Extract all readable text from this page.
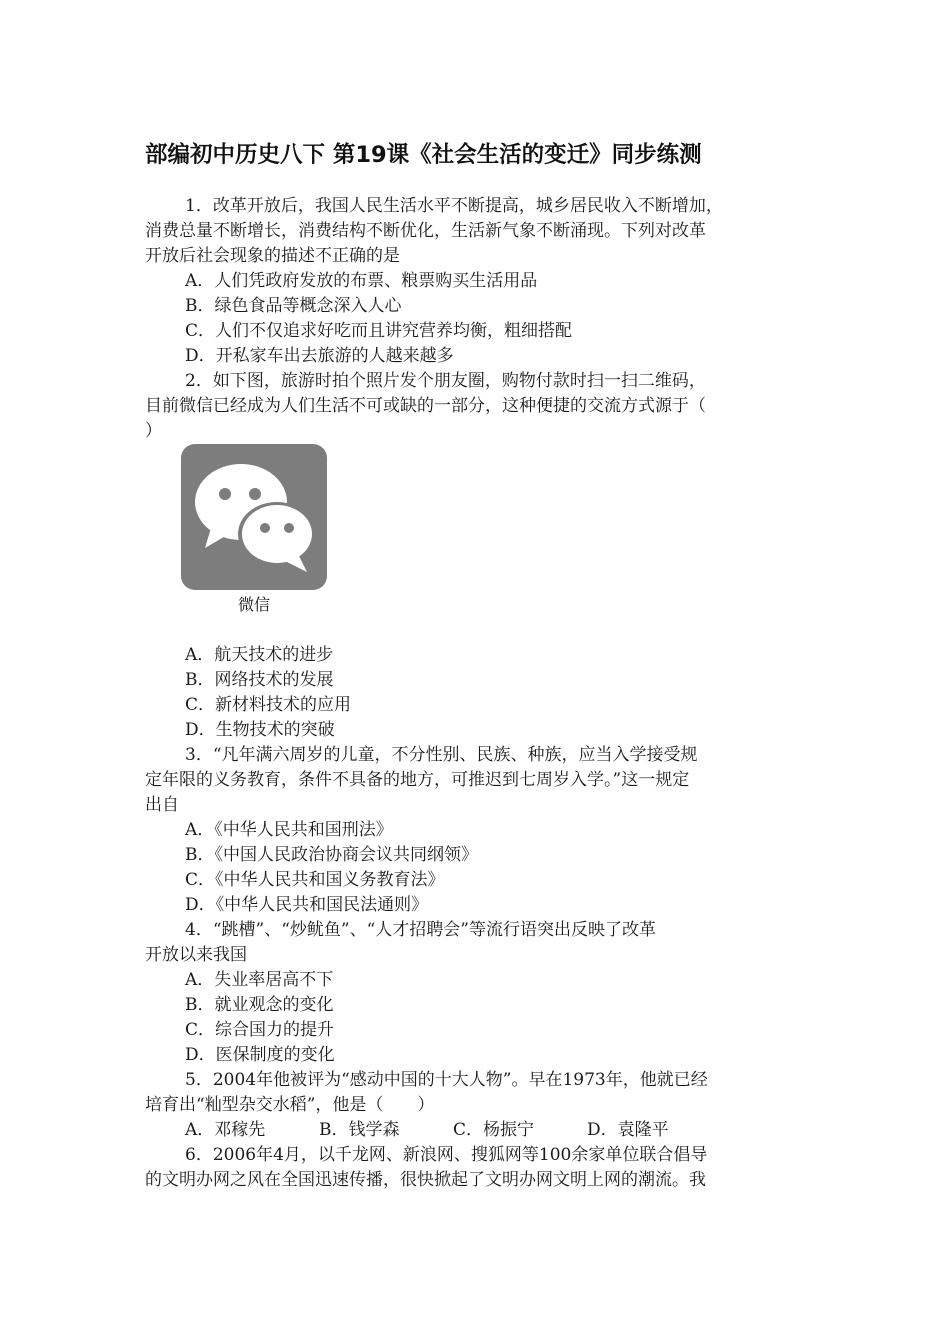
部编初中历史八下 第19课《社会生活的变迁》同步练测
1．改革开放后，我国人民生活水平不断提高，城乡居民收入不断增加，
消费总量不断增长，消费结构不断优化，生活新气象不断涌现。下列对改革
开放后社会现象的描述不正确的是
A．人们凭政府发放的布票、粮票购买生活用品
B．绿色食品等概念深入人心
C．人们不仅追求好吃而且讲究营养均衡，粗细搭配
D．开私家车出去旅游的人越来越多
2．如下图，旅游时拍个照片发个朋友圈，购物付款时扫一扫二维码，
目前微信已经成为人们生活不可或缺的一部分，这种便捷的交流方式源于（
）
微信
A．航天技术的进步
B．网络技术的发展
C．新材料技术的应用
D．生物技术的突破
3．“凡年满六周岁的儿童，不分性别、民族、种族，应当入学接受规
定年限的义务教育，条件不具备的地方，可推迟到七周岁入学。”这一规定
出自
A．《中华人民共和国刑法》
B．《中国人民政治协商会议共同纲领》
C．《中华人民共和国义务教育法》
D．《中华人民共和国民法通则》
4．“跳槽”、“炒鱿鱼”、“人才招聘会”等流行语突出反映了改革
开放以来我国
A．失业率居高不下
B．就业观念的变化
C．综合国力的提升
D．医保制度的变化
5．2004年他被评为“感动中国的十大人物”。早在1973年，他就已经
培育出“籼型杂交水稻”，他是（　　）
A．邓稼先	B．钱学森	C．杨振宁	D．袁隆平
6．2006年4月，以千龙网、新浪网、搜狐网等100余家单位联合倡导
的文明办网之风在全国迅速传播，很快掀起了文明办网文明上网的潮流。我
